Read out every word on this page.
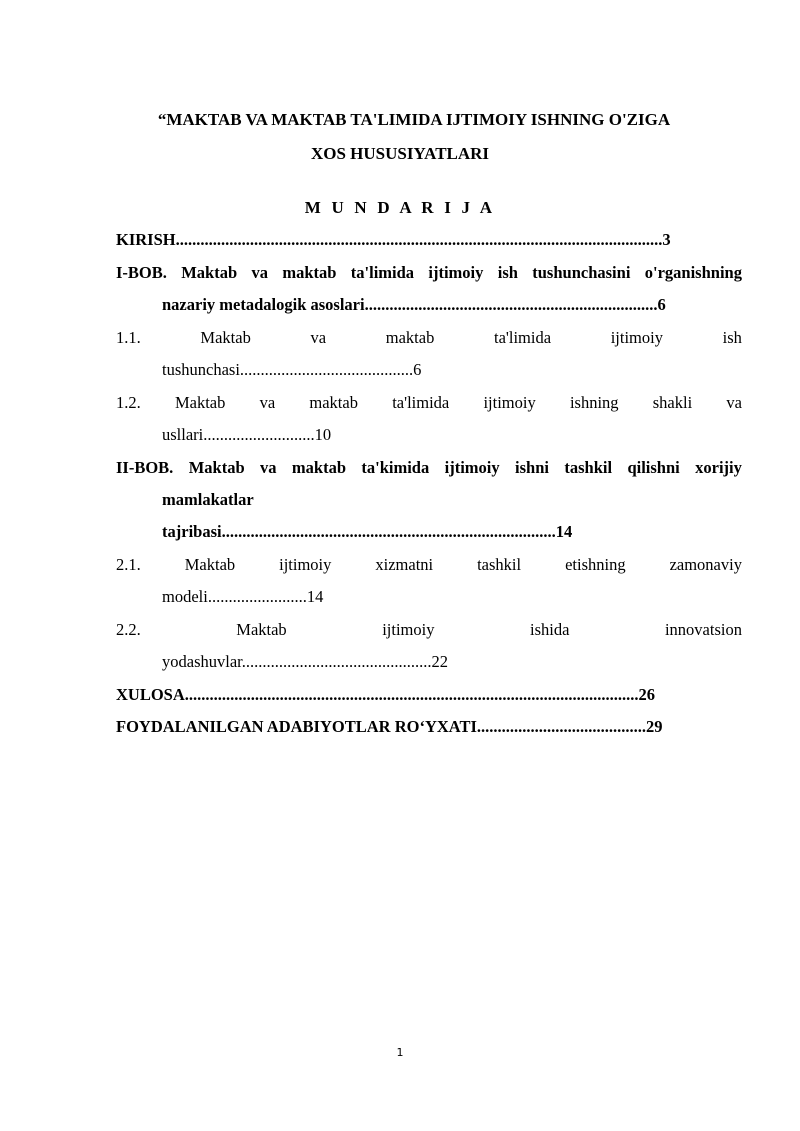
“MAKTAB VA MAKTAB TA'LIMIDA IJTIMOIY ISHNING O'ZIGA
XOS HUSUSIYATLARI
M U N D A R I J A
KIRISH......................................................................................................................3
I-BOB. Maktab va maktab ta'limida ijtimoiy ish tushunchasini o'rganishning
nazariy metadalogik asoslari.......................................................................6
1.1.	Maktab	va	maktab	ta'limida	ijtimoiy	ish
tushunchasi..........................................6
1.2. Maktab va maktab ta'limida ijtimoiy ishning shakli va
usllari...........................10
II-BOB. Maktab va maktab ta'kimida ijtimoiy ishni tashkil qilishni xorijiy
mamlakatlar
tajribasi.................................................................................14
2.1.	Maktab	ijtimoiy	xizmatni	tashkil	etishning	zamonaviy
modeli........................14
2.2.	Maktab	ijtimoiy	ishida	innovatsion
yodashuvlar..............................................22
XULOSA..............................................................................................................26
FOYDALANILGAN ADABIYOTLAR RO‘YXATI.........................................29
1
